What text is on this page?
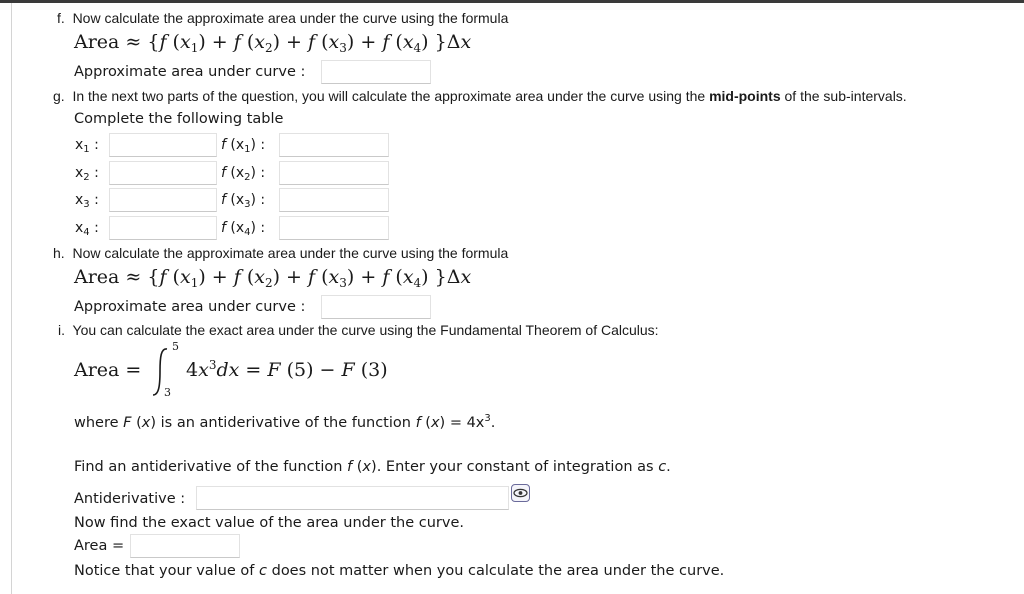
f. Now calculate the approximate area under the curve using the formula
Area ≈ {f $(x_1) + f$ $(x_2) + f$ $(x_3) + f$ $(x_4)$ }Δx
Approximate area under curve :
g. In the next two parts of the question, you will calculate the approximate area under the curve using the mid-points of the sub-intervals.
Complete the following table
$x_1$ :	f $(x_1)$ :
$x_2$ :	f $(x_2)$ :
$x_3$ :	f $(x_3)$ :
$x_4$ :	f $(x_4)$ :
h. Now calculate the approximate area under the curve using the formula
Area ≈ {f $(x_1) + f$ $(x_2) + f$ $(x_3) + f$ $(x_4)$ }Δx
Approximate area under curve :
i. You can calculate the exact area under the curve using the Fundamental Theorem of Calculus:
Area =
5
3
$4x^3dx = F$ (5) − F (3)
where F (x) is an antiderivative of the function f $(x) = 4x^3$.
Find an antiderivative of the function f (x). Enter your constant of integration as c.
Antiderivative :
Now find the exact value of the area under the curve.
Area =
Notice that your value of c does not matter when you calculate the area under the curve.
